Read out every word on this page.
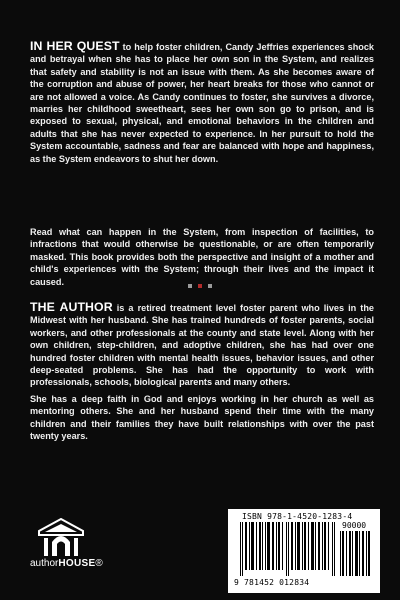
IN HER QUEST to help foster children, Candy Jeffries experiences shock and betrayal when she has to place her own son in the System, and realizes that safety and stability is not an issue with them. As she becomes aware of the corruption and abuse of power, her heart breaks for those who cannot or are not allowed a voice. As Candy continues to foster, she survives a divorce, marries her childhood sweetheart, sees her own son go to prison, and is exposed to sexual, physical, and emotional behaviors in the children and adults that she has never expected to experience. In her pursuit to hold the System accountable, sadness and fear are balanced with hope and happiness, as the System endeavors to shut her down.

Read what can happen in the System, from inspection of facilities, to infractions that would otherwise be questionable, or are often temporarily masked. This book provides both the perspective and insight of a mother and child's experiences with the System; through their lives and the impact it caused.

THE AUTHOR is a retired treatment level foster parent who lives in the Midwest with her husband. She has trained hundreds of foster parents, social workers, and other professionals at the county and state level. Along with her own children, step-children, and adoptive children, she has had over one hundred foster children with mental health issues, behavior issues, and other deep-seated problems. She has had the opportunity to work with professionals, schools, biological parents and many others.

She has a deep faith in God and enjoys working in her church as well as mentoring others. She and her husband spend their time with the many children and their families they have built relationships with over the past twenty years.

authorHOUSE®
ISBN 978-1-4520-1283-4
90000
9 781452 012834
